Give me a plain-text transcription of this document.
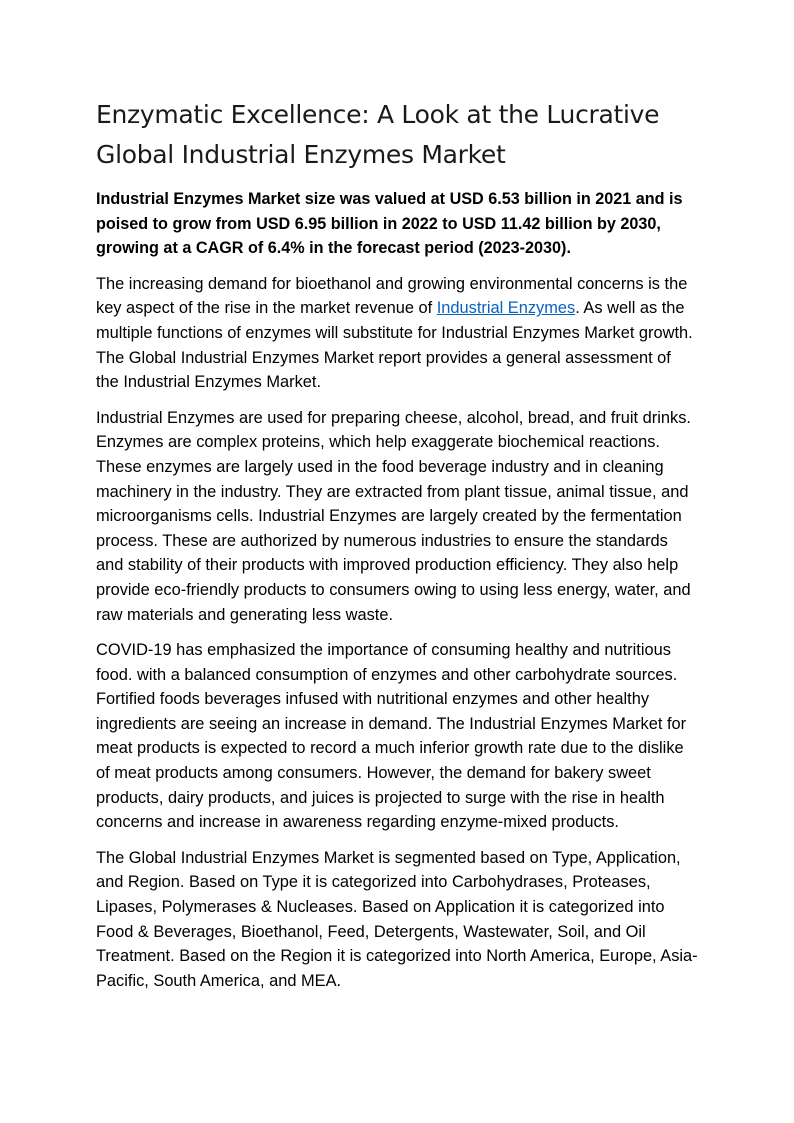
Enzymatic Excellence: A Look at the Lucrative
Global Industrial Enzymes Market

Industrial Enzymes Market size was valued at USD 6.53 billion in 2021 and is poised to grow from USD 6.95 billion in 2022 to USD 11.42 billion by 2030, growing at a CAGR of 6.4% in the forecast period (2023-2030).

The increasing demand for bioethanol and growing environmental concerns is the key aspect of the rise in the market revenue of Industrial Enzymes. As well as the multiple functions of enzymes will substitute for Industrial Enzymes Market growth. The Global Industrial Enzymes Market report provides a general assessment of the Industrial Enzymes Market.

Industrial Enzymes are used for preparing cheese, alcohol, bread, and fruit drinks. Enzymes are complex proteins, which help exaggerate biochemical reactions. These enzymes are largely used in the food beverage industry and in cleaning machinery in the industry. They are extracted from plant tissue, animal tissue, and microorganisms cells. Industrial Enzymes are largely created by the fermentation process. These are authorized by numerous industries to ensure the standards and stability of their products with improved production efficiency. They also help provide eco-friendly products to consumers owing to using less energy, water, and raw materials and generating less waste.

COVID-19 has emphasized the importance of consuming healthy and nutritious food. with a balanced consumption of enzymes and other carbohydrate sources. Fortified foods beverages infused with nutritional enzymes and other healthy ingredients are seeing an increase in demand. The Industrial Enzymes Market for meat products is expected to record a much inferior growth rate due to the dislike of meat products among consumers. However, the demand for bakery sweet products, dairy products, and juices is projected to surge with the rise in health concerns and increase in awareness regarding enzyme-mixed products.

The Global Industrial Enzymes Market is segmented based on Type, Application, and Region. Based on Type it is categorized into Carbohydrases, Proteases, Lipases, Polymerases & Nucleases. Based on Application it is categorized into Food & Beverages, Bioethanol, Feed, Detergents, Wastewater, Soil, and Oil Treatment. Based on the Region it is categorized into North America, Europe, Asia-Pacific, South America, and MEA.
